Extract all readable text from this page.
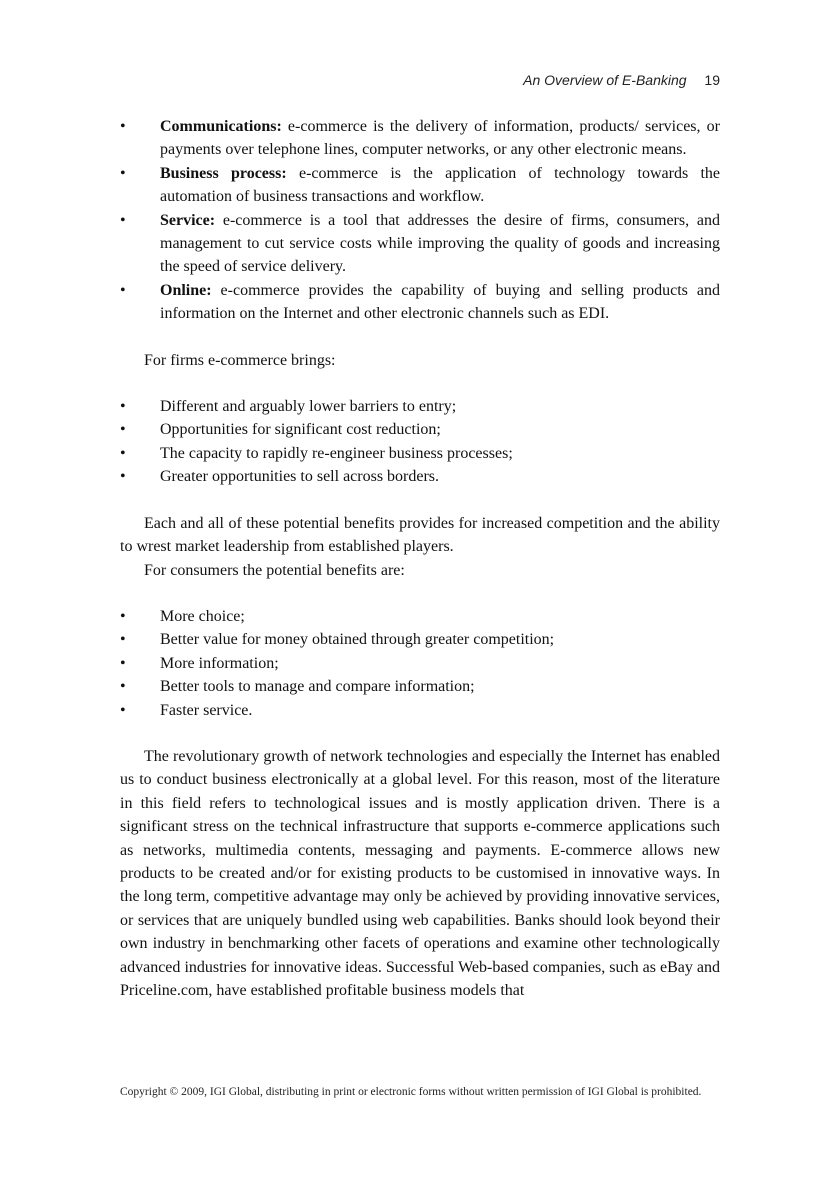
An Overview of E-Banking 19
• Communications: e-commerce is the delivery of information, products/ services, or payments over telephone lines, computer networks, or any other electronic means.
• Business process: e-commerce is the application of technology towards the automation of business transactions and workflow.
• Service: e-commerce is a tool that addresses the desire of firms, consumers, and management to cut service costs while improving the quality of goods and increasing the speed of service delivery.
• Online: e-commerce provides the capability of buying and selling products and information on the Internet and other electronic channels such as EDI.

For firms e-commerce brings:

• Different and arguably lower barriers to entry;
• Opportunities for significant cost reduction;
• The capacity to rapidly re-engineer business processes;
• Greater opportunities to sell across borders.

Each and all of these potential benefits provides for increased competition and the ability to wrest market leadership from established players.

For consumers the potential benefits are:

• More choice;
• Better value for money obtained through greater competition;
• More information;
• Better tools to manage and compare information;
• Faster service.

The revolutionary growth of network technologies and especially the Internet has enabled us to conduct business electronically at a global level. For this reason, most of the literature in this field refers to technological issues and is mostly application driven. There is a significant stress on the technical infrastructure that supports e-commerce applications such as networks, multimedia contents, messaging and payments. E-commerce allows new products to be created and/or for existing products to be customised in innovative ways. In the long term, competitive advantage may only be achieved by providing innovative services, or services that are uniquely bundled using web capabilities. Banks should look beyond their own industry in benchmarking other facets of operations and examine other technologically advanced industries for innovative ideas. Successful Web-based companies, such as eBay and Priceline.com, have established profitable business models that

Copyright © 2009, IGI Global, distributing in print or electronic forms without written permission of IGI Global is prohibited.
